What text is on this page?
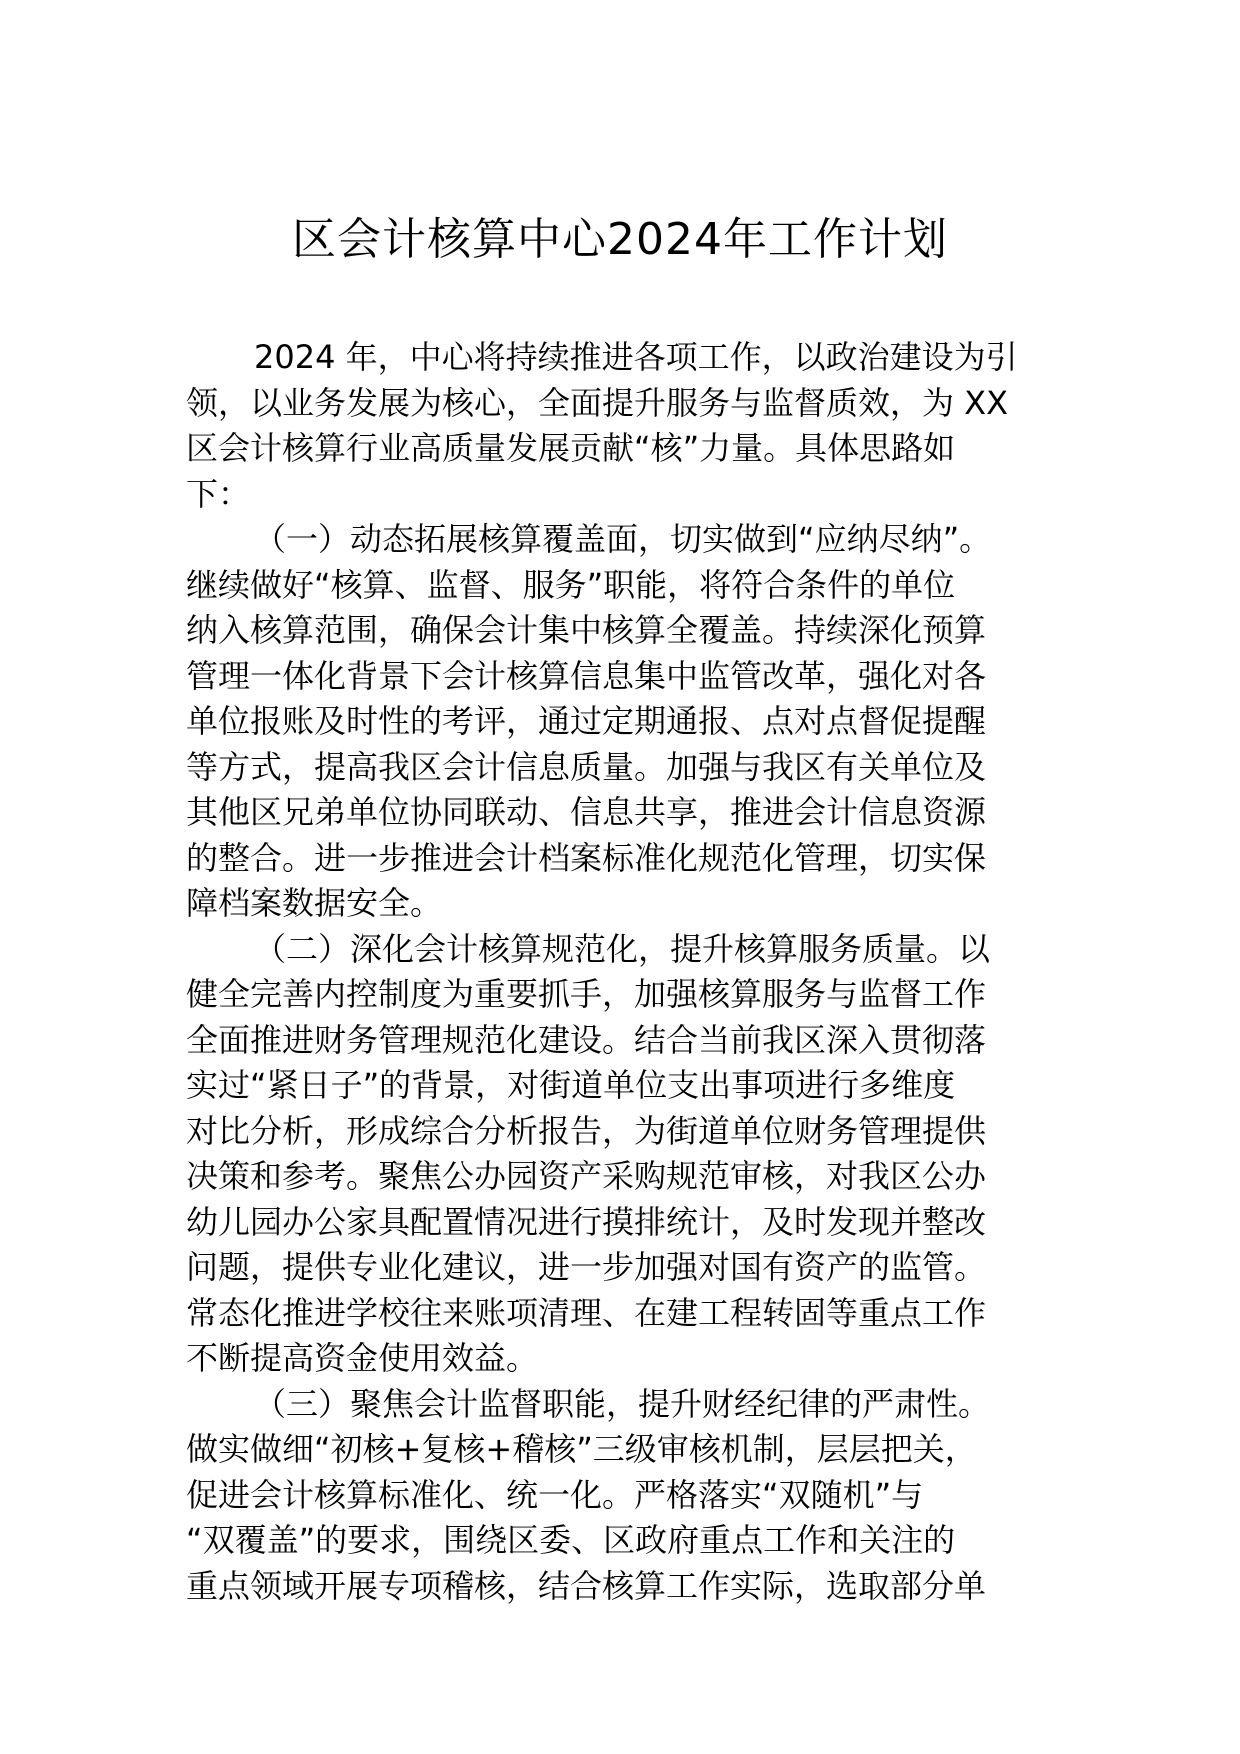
区会计核算中心2024年工作计划

2024 年，中心将持续推进各项工作，以政治建设为引
领，以业务发展为核心，全面提升服务与监督质效，为 XX
区会计核算行业高质量发展贡献“核”力量。具体思路如
下：

（一）动态拓展核算覆盖面，切实做到“应纳尽纳”。
继续做好“核算、监督、服务”职能，将符合条件的单位
纳入核算范围，确保会计集中核算全覆盖。持续深化预算
管理一体化背景下会计核算信息集中监管改革，强化对各
单位报账及时性的考评，通过定期通报、点对点督促提醒
等方式，提高我区会计信息质量。加强与我区有关单位及
其他区兄弟单位协同联动、信息共享，推进会计信息资源
的整合。进一步推进会计档案标准化规范化管理，切实保
障档案数据安全。

（二）深化会计核算规范化，提升核算服务质量。以
健全完善内控制度为重要抓手，加强核算服务与监督工作
全面推进财务管理规范化建设。结合当前我区深入贯彻落
实过“紧日子”的背景，对街道单位支出事项进行多维度
对比分析，形成综合分析报告，为街道单位财务管理提供
决策和参考。聚焦公办园资产采购规范审核，对我区公办
幼儿园办公家具配置情况进行摸排统计，及时发现并整改
问题，提供专业化建议，进一步加强对国有资产的监管。
常态化推进学校往来账项清理、在建工程转固等重点工作
不断提高资金使用效益。

（三）聚焦会计监督职能，提升财经纪律的严肃性。
做实做细“初核+复核+稽核”三级审核机制，层层把关，
促进会计核算标准化、统一化。严格落实“双随机”与
“双覆盖”的要求，围绕区委、区政府重点工作和关注的
重点领域开展专项稽核，结合核算工作实际，选取部分单
